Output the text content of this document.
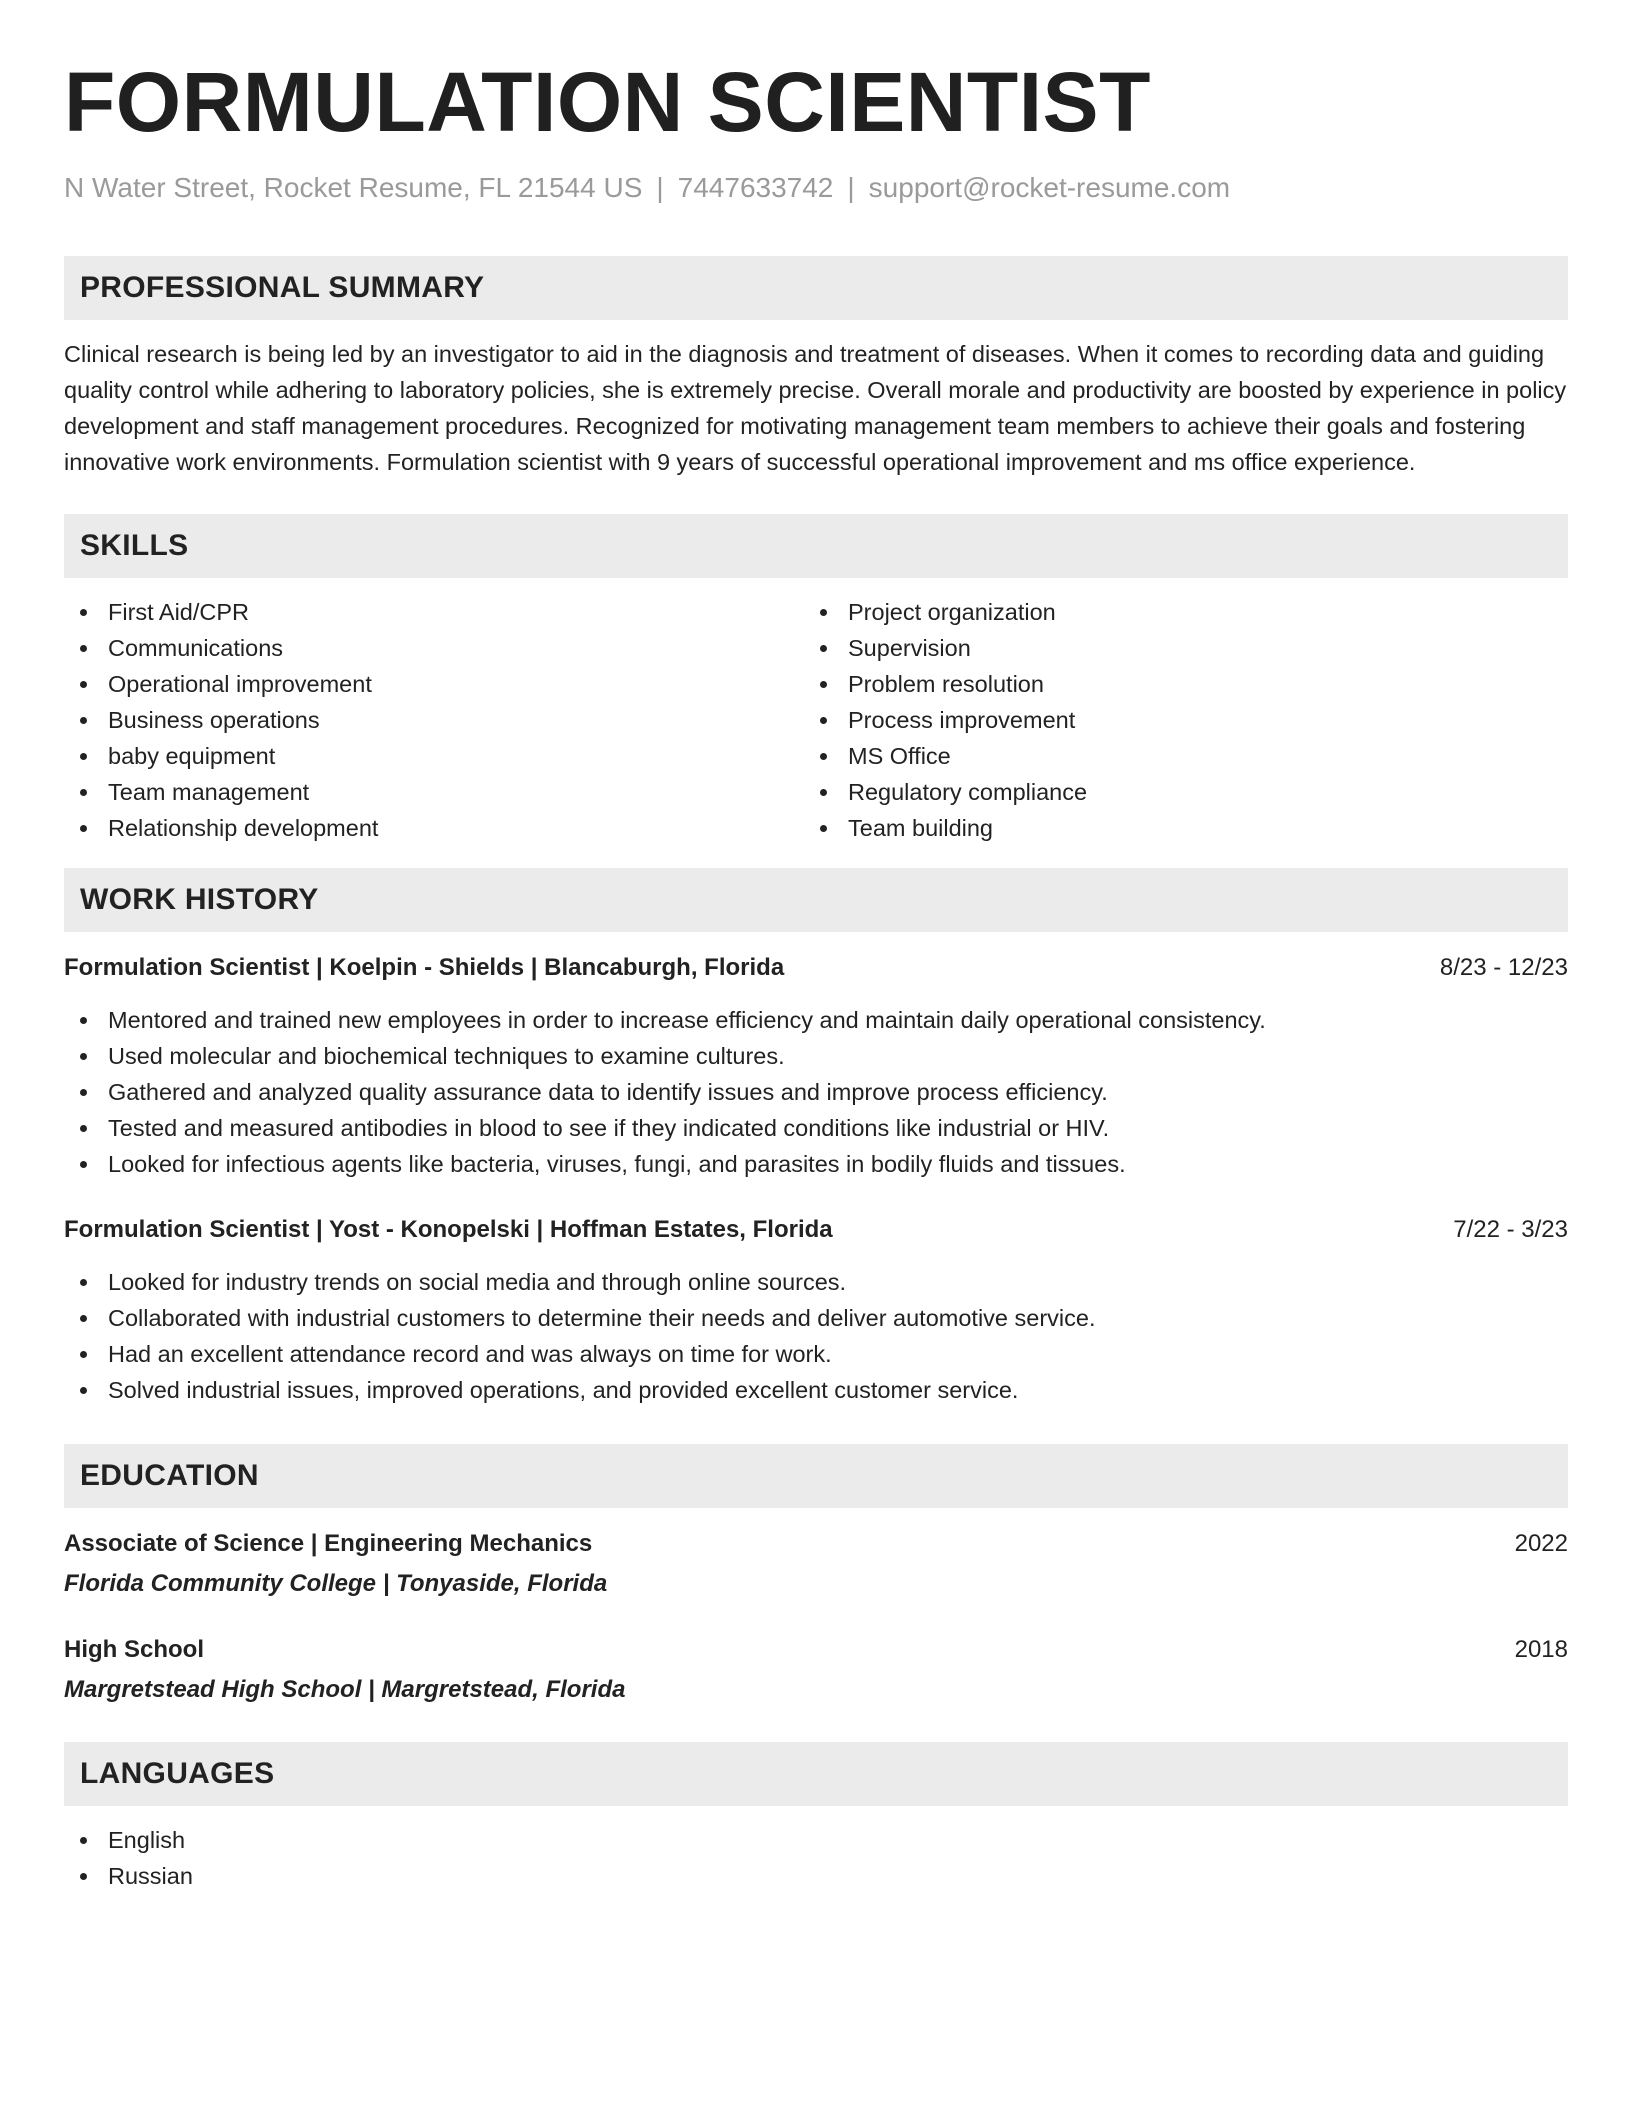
FORMULATION SCIENTIST
N Water Street, Rocket Resume, FL 21544 US | 7447633742 | support@rocket-resume.com
PROFESSIONAL SUMMARY
Clinical research is being led by an investigator to aid in the diagnosis and treatment of diseases. When it comes to recording data and guiding quality control while adhering to laboratory policies, she is extremely precise. Overall morale and productivity are boosted by experience in policy development and staff management procedures. Recognized for motivating management team members to achieve their goals and fostering innovative work environments. Formulation scientist with 9 years of successful operational improvement and ms office experience.
SKILLS
First Aid/CPR
Communications
Operational improvement
Business operations
baby equipment
Team management
Relationship development
Project organization
Supervision
Problem resolution
Process improvement
MS Office
Regulatory compliance
Team building
WORK HISTORY
Formulation Scientist | Koelpin - Shields | Blancaburgh, Florida	8/23 - 12/23
Mentored and trained new employees in order to increase efficiency and maintain daily operational consistency.
Used molecular and biochemical techniques to examine cultures.
Gathered and analyzed quality assurance data to identify issues and improve process efficiency.
Tested and measured antibodies in blood to see if they indicated conditions like industrial or HIV.
Looked for infectious agents like bacteria, viruses, fungi, and parasites in bodily fluids and tissues.
Formulation Scientist | Yost - Konopelski | Hoffman Estates, Florida	7/22 - 3/23
Looked for industry trends on social media and through online sources.
Collaborated with industrial customers to determine their needs and deliver automotive service.
Had an excellent attendance record and was always on time for work.
Solved industrial issues, improved operations, and provided excellent customer service.
EDUCATION
Associate of Science | Engineering Mechanics	2022
Florida Community College | Tonyaside, Florida
High School	2018
Margretstead High School | Margretstead, Florida
LANGUAGES
English
Russian
